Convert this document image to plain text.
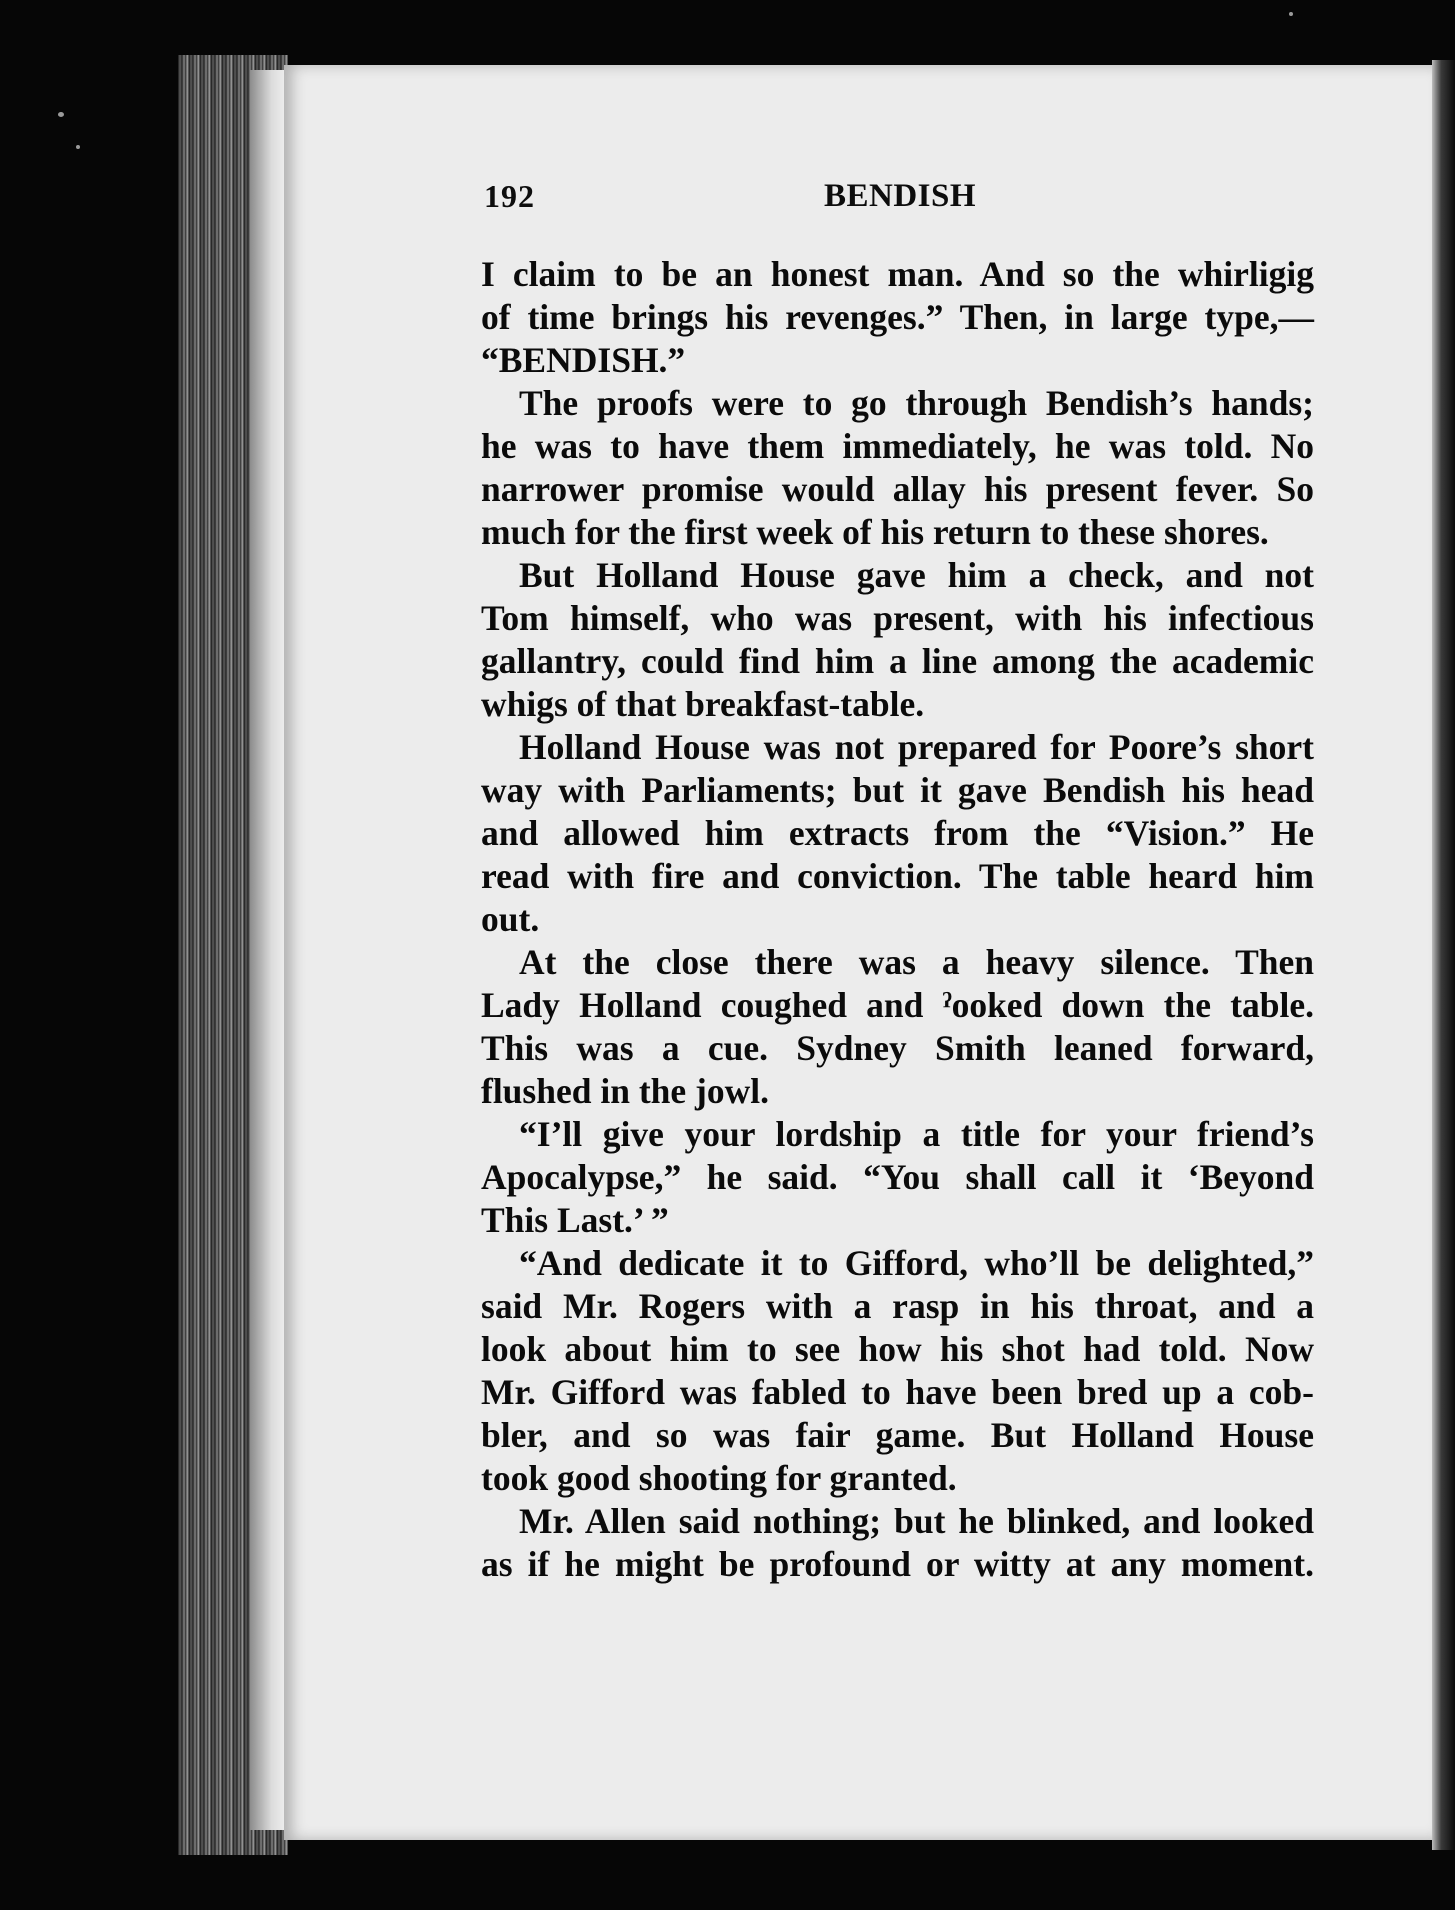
192	BENDISH
I claim to be an honest man. And so the whirligig
of time brings his revenges.” Then, in large type,—
“BENDISH.”
The proofs were to go through Bendish’s hands;
he was to have them immediately, he was told. No
narrower promise would allay his present fever. So
much for the first week of his return to these shores.
But Holland House gave him a check, and not
Tom himself, who was present, with his infectious
gallantry, could find him a line among the academic
whigs of that breakfast-table.
Holland House was not prepared for Poore’s short
way with Parliaments; but it gave Bendish his head
and allowed him extracts from the “Vision.” He
read with fire and conviction. The table heard him
out.
At the close there was a heavy silence. Then
Lady Holland coughed and ˀooked down the table.
This was a cue. Sydney Smith leaned forward,
flushed in the jowl.
“I’ll give your lordship a title for your friend’s
Apocalypse,” he said. “You shall call it ‘Beyond
This Last.’ ”
“And dedicate it to Gifford, who’ll be delighted,”
said Mr. Rogers with a rasp in his throat, and a
look about him to see how his shot had told. Now
Mr. Gifford was fabled to have been bred up a cob-
bler, and so was fair game. But Holland House
took good shooting for granted.
Mr. Allen said nothing; but he blinked, and looked
as if he might be profound or witty at any moment.
